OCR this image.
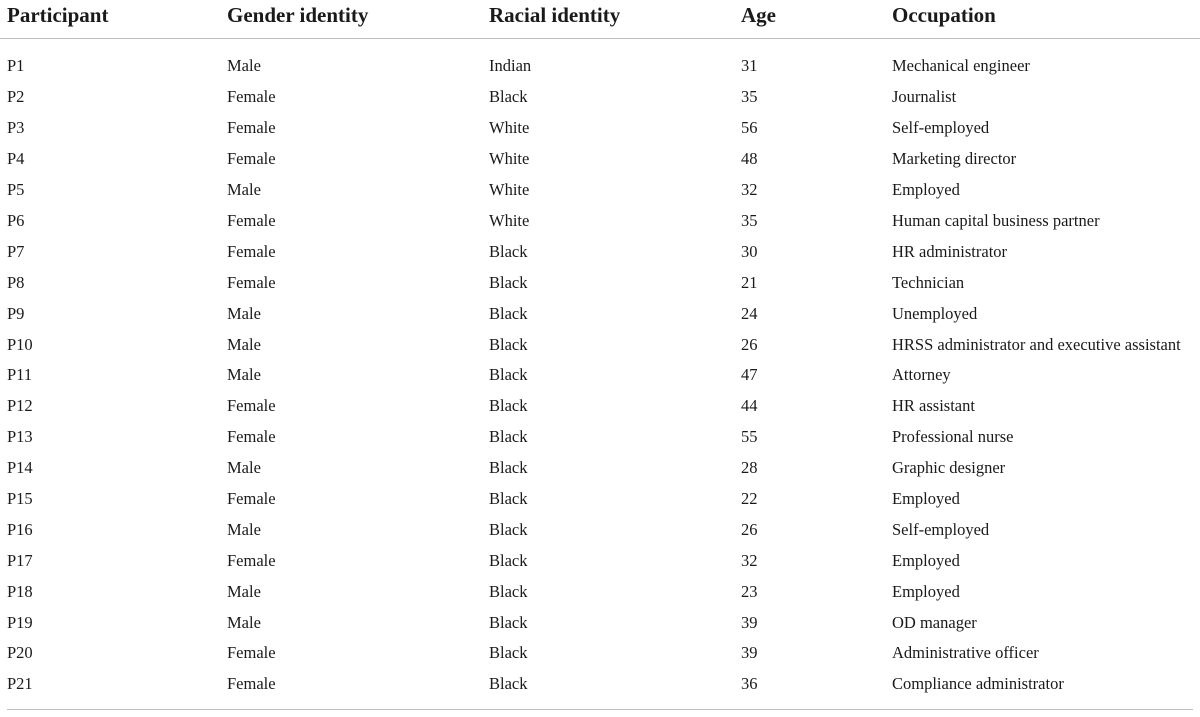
Participant	Gender identity	Racial identity	Age	Occupation
P1	Male	Indian	31	Mechanical engineer
P2	Female	Black	35	Journalist
P3	Female	White	56	Self-employed
P4	Female	White	48	Marketing director
P5	Male	White	32	Employed
P6	Female	White	35	Human capital business partner
P7	Female	Black	30	HR administrator
P8	Female	Black	21	Technician
P9	Male	Black	24	Unemployed
P10	Male	Black	26	HRSS administrator and executive assistant
P11	Male	Black	47	Attorney
P12	Female	Black	44	HR assistant
P13	Female	Black	55	Professional nurse
P14	Male	Black	28	Graphic designer
P15	Female	Black	22	Employed
P16	Male	Black	26	Self-employed
P17	Female	Black	32	Employed
P18	Male	Black	23	Employed
P19	Male	Black	39	OD manager
P20	Female	Black	39	Administrative officer
P21	Female	Black	36	Compliance administrator
